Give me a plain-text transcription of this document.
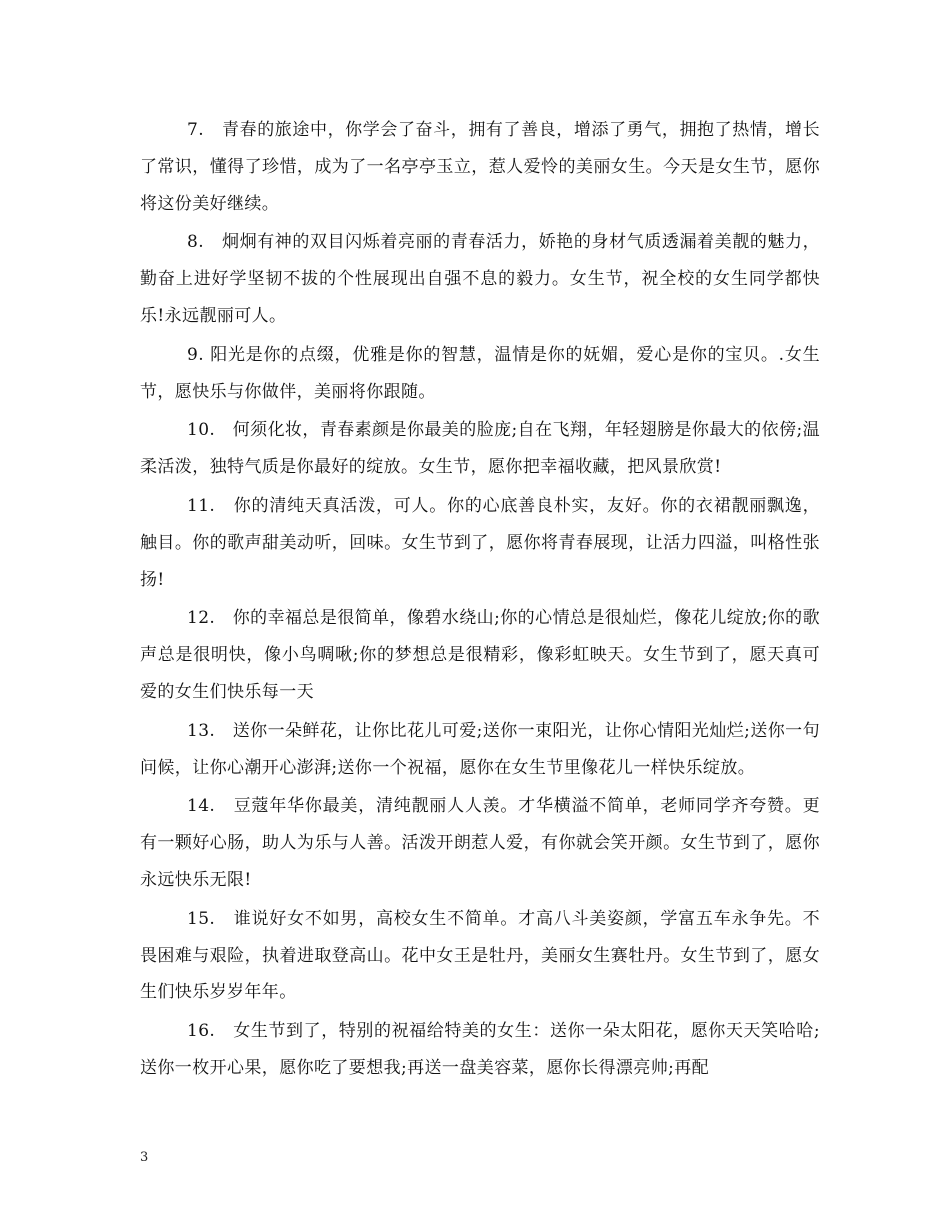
7.   青春的旅途中，你学会了奋斗，拥有了善良，增添了勇气，拥抱了热情，增长了常识，懂得了珍惜，成为了一名亭亭玉立，惹人爱怜的美丽女生。今天是女生节，愿你将这份美好继续。

8.   炯炯有神的双目闪烁着亮丽的青春活力，娇艳的身材气质透漏着美靓的魅力，勤奋上进好学坚韧不拔的个性展现出自强不息的毅力。女生节，祝全校的女生同学都快乐!永远靓丽可人。

9. 阳光是你的点缀，优雅是你的智慧，温情是你的妩媚，爱心是你的宝贝。.女生节，愿快乐与你做伴，美丽将你跟随。

10.   何须化妆，青春素颜是你最美的脸庞;自在飞翔，年轻翅膀是你最大的依傍;温柔活泼，独特气质是你最好的绽放。女生节，愿你把幸福收藏，把风景欣赏!

11.   你的清纯天真活泼，可人。你的心底善良朴实，友好。你的衣裙靓丽飘逸，触目。你的歌声甜美动听，回味。女生节到了，愿你将青春展现，让活力四溢，叫格性张扬!

12.   你的幸福总是很简单，像碧水绕山;你的心情总是很灿烂，像花儿绽放;你的歌声总是很明快，像小鸟啁啾;你的梦想总是很精彩，像彩虹映天。女生节到了，愿天真可爱的女生们快乐每一天

13.   送你一朵鲜花，让你比花儿可爱;送你一束阳光，让你心情阳光灿烂;送你一句问候，让你心潮开心澎湃;送你一个祝福，愿你在女生节里像花儿一样快乐绽放。

14.   豆蔻年华你最美，清纯靓丽人人羡。才华横溢不简单，老师同学齐夸赞。更有一颗好心肠，助人为乐与人善。活泼开朗惹人爱，有你就会笑开颜。女生节到了，愿你永远快乐无限!

15.   谁说好女不如男，高校女生不简单。才高八斗美姿颜，学富五车永争先。不畏困难与艰险，执着进取登高山。花中女王是牡丹，美丽女生赛牡丹。女生节到了，愿女生们快乐岁岁年年。

16.   女生节到了，特别的祝福给特美的女生：送你一朵太阳花，愿你天天笑哈哈;送你一枚开心果，愿你吃了要想我;再送一盘美容菜，愿你长得漂亮帅;再配

3
